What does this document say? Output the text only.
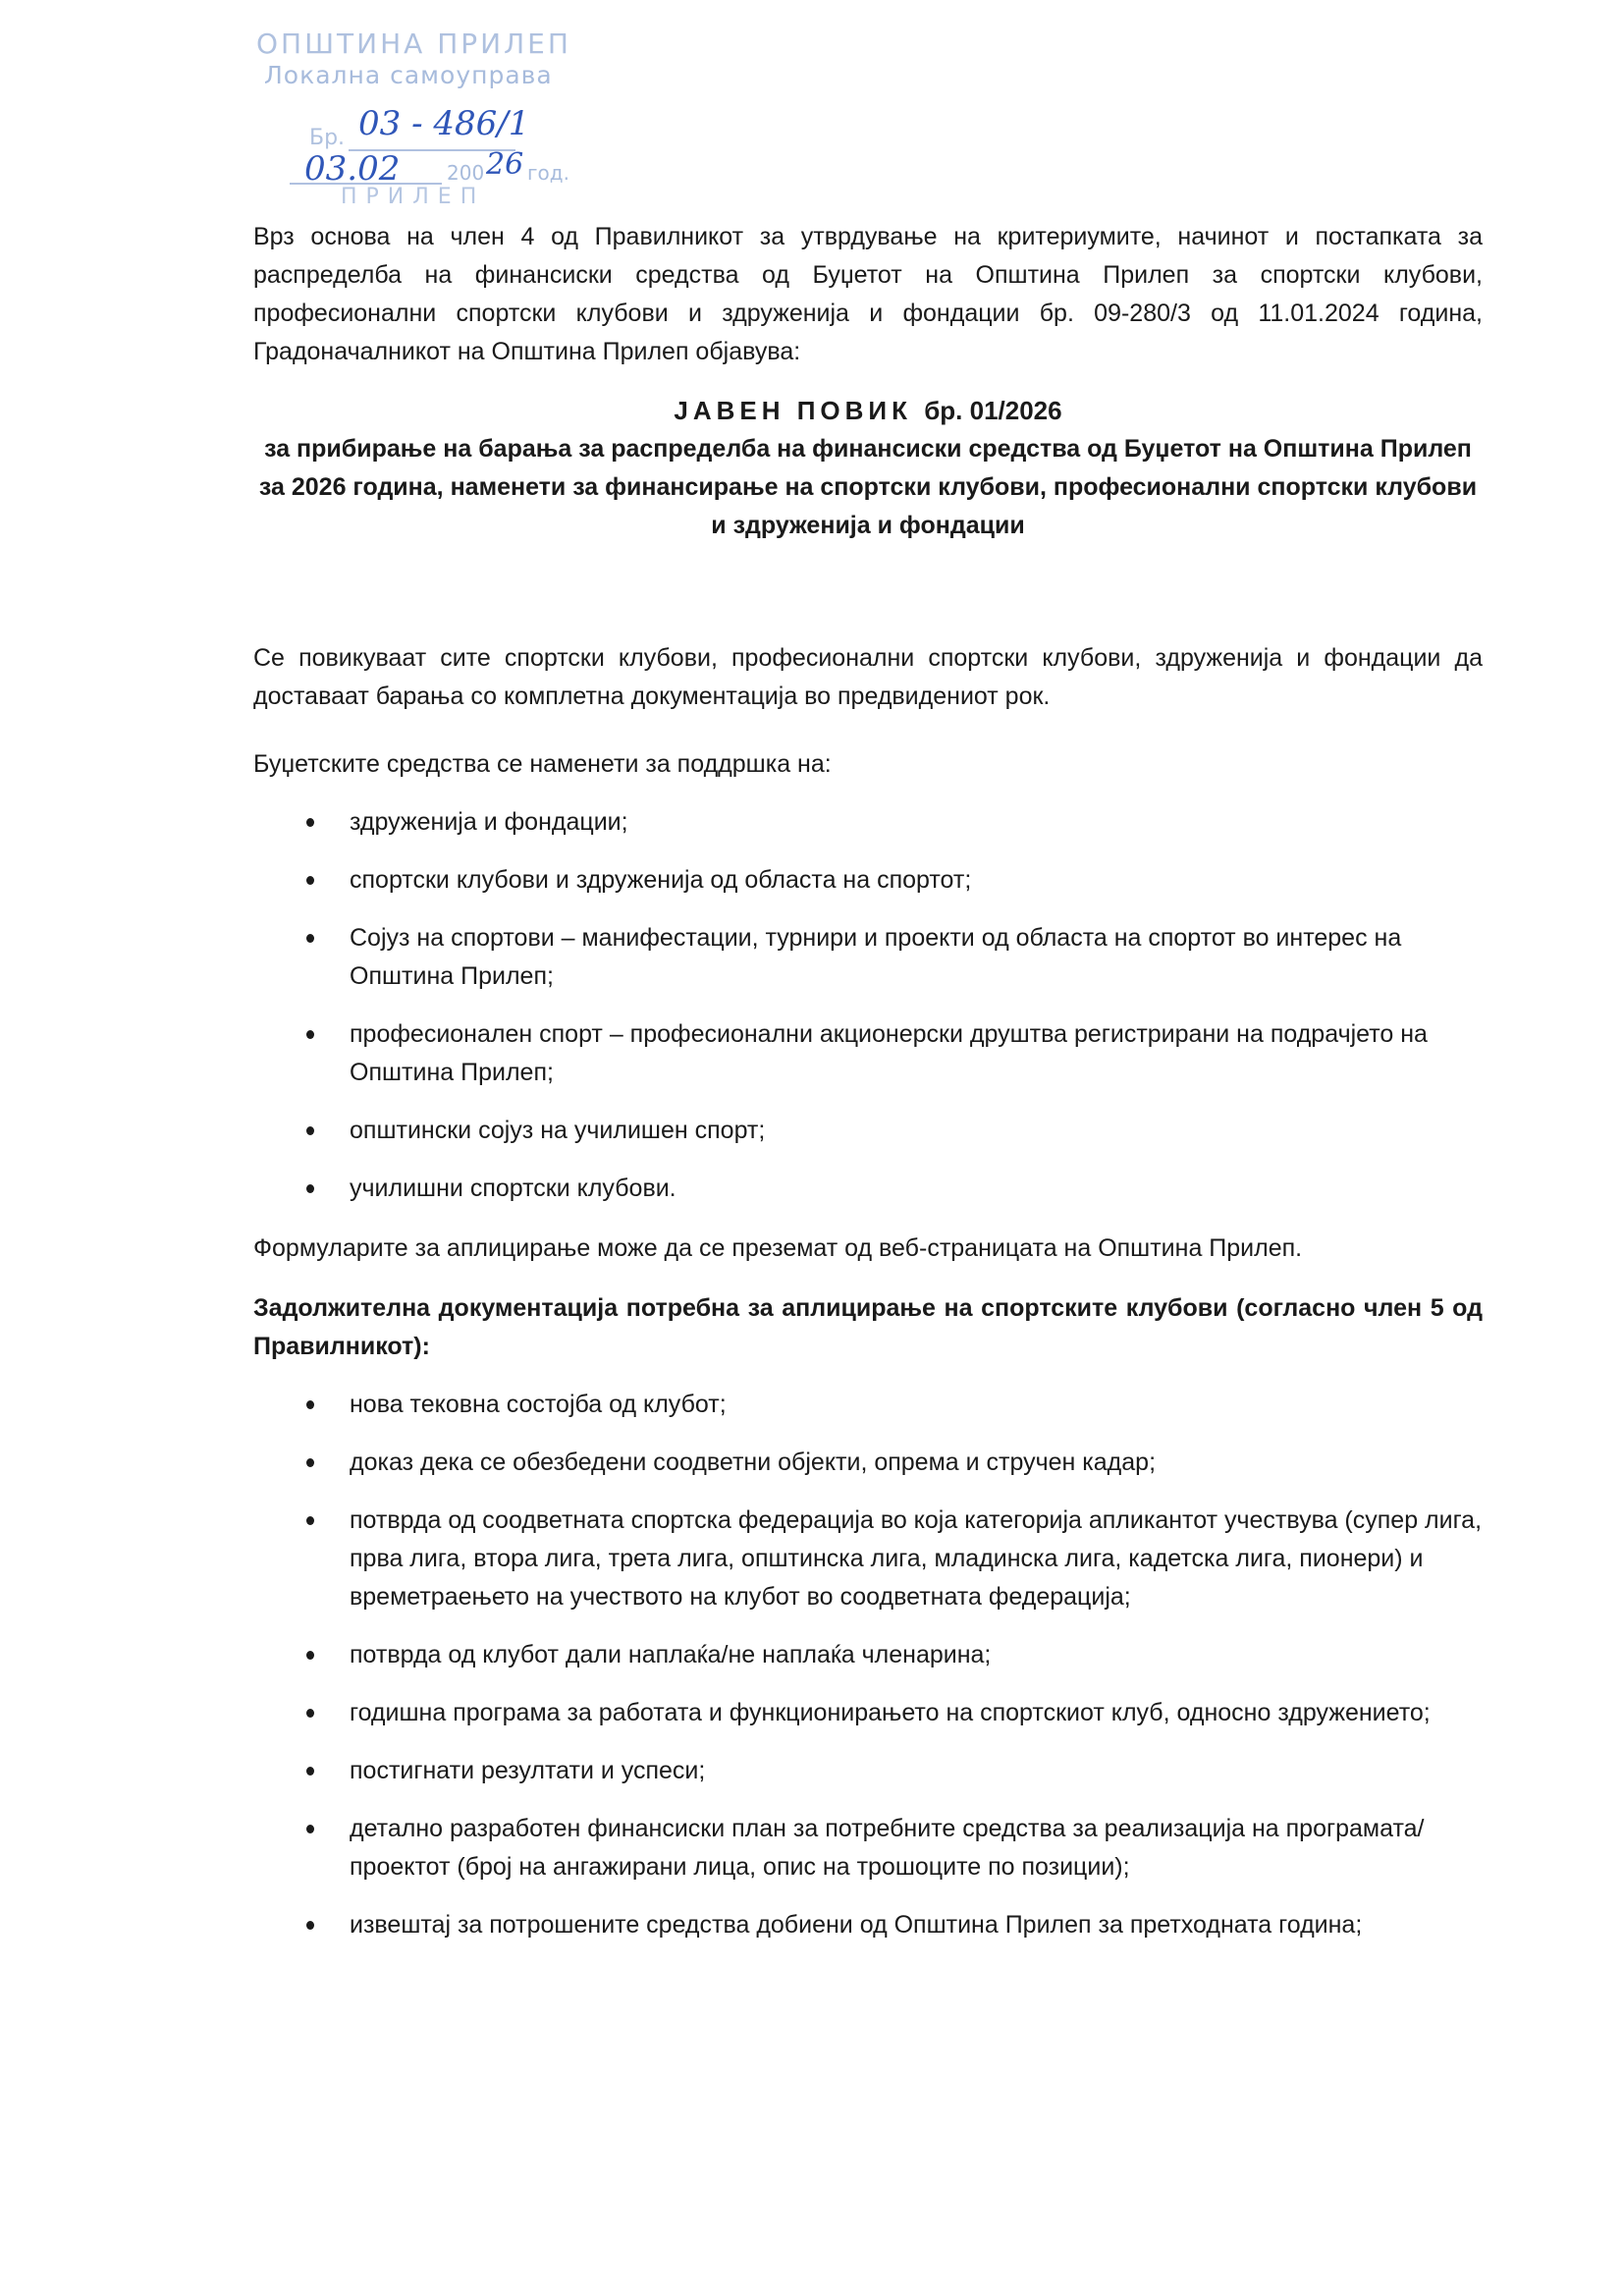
ОПШТИНА ПРИЛЕП
Локална самоуправа
Бр. 03 - 486/1
03.02 200 26 год.
ПРИЛЕП

Врз основа на член 4 од Правилникот за утврдување на критериумите, начинот и постапката за распределба на финансиски средства од Буџетот на Општина Прилеп за спортски клубови, професионални спортски клубови и здруженија и фондации бр. 09-280/3 од 11.01.2024 година, Градоначалникот на Општина Прилеп објавува:

ЈАВЕН ПОВИК бр. 01/2026
за прибирање на барања за распределба на финансиски средства од Буџетот на Општина Прилеп за 2026 година, наменети за финансирање на спортски клубови, професионални спортски клубови и здруженија и фондации

Се повикуваат сите спортски клубови, професионални спортски клубови, здруженија и фондации да доставаат барања со комплетна документација во предвидениот рок.

Буџетските средства се наменети за поддршка на:

здруженија и фондации;
спортски клубови и здруженија од областа на спортот;
Сојуз на спортови – манифестации, турнири и проекти од областа на спортот во интерес на Општина Прилеп;
професионален спорт – професионални акционерски друштва регистрирани на подрачјето на Општина Прилеп;
општински сојуз на училишен спорт;
училишни спортски клубови.

Формуларите за аплицирање може да се преземат од веб-страницата на Општина Прилеп.

Задолжителна документација потребна за аплицирање на спортските клубови (согласно член 5 од Правилникот):

нова тековна состојба од клубот;
доказ дека се обезбедени соодветни објекти, опрема и стручен кадар;
потврда од соодветната спортска федерација во која категорија апликантот учествува (супер лига, прва лига, втора лига, трета лига, општинска лига, младинска лига, кадетска лига, пионери) и времетраењето на учеството на клубот во соодветната федерација;
потврда од клубот дали наплаќа/не наплаќа членарина;
годишна програма за работата и функционирањето на спортскиот клуб, односно здружението;
постигнати резултати и успеси;
детално разработен финансиски план за потребните средства за реализација на програмата/проектот (број на ангажирани лица, опис на трошоците по позиции);
извештај за потрошените средства добиени од Општина Прилеп за претходната година;
